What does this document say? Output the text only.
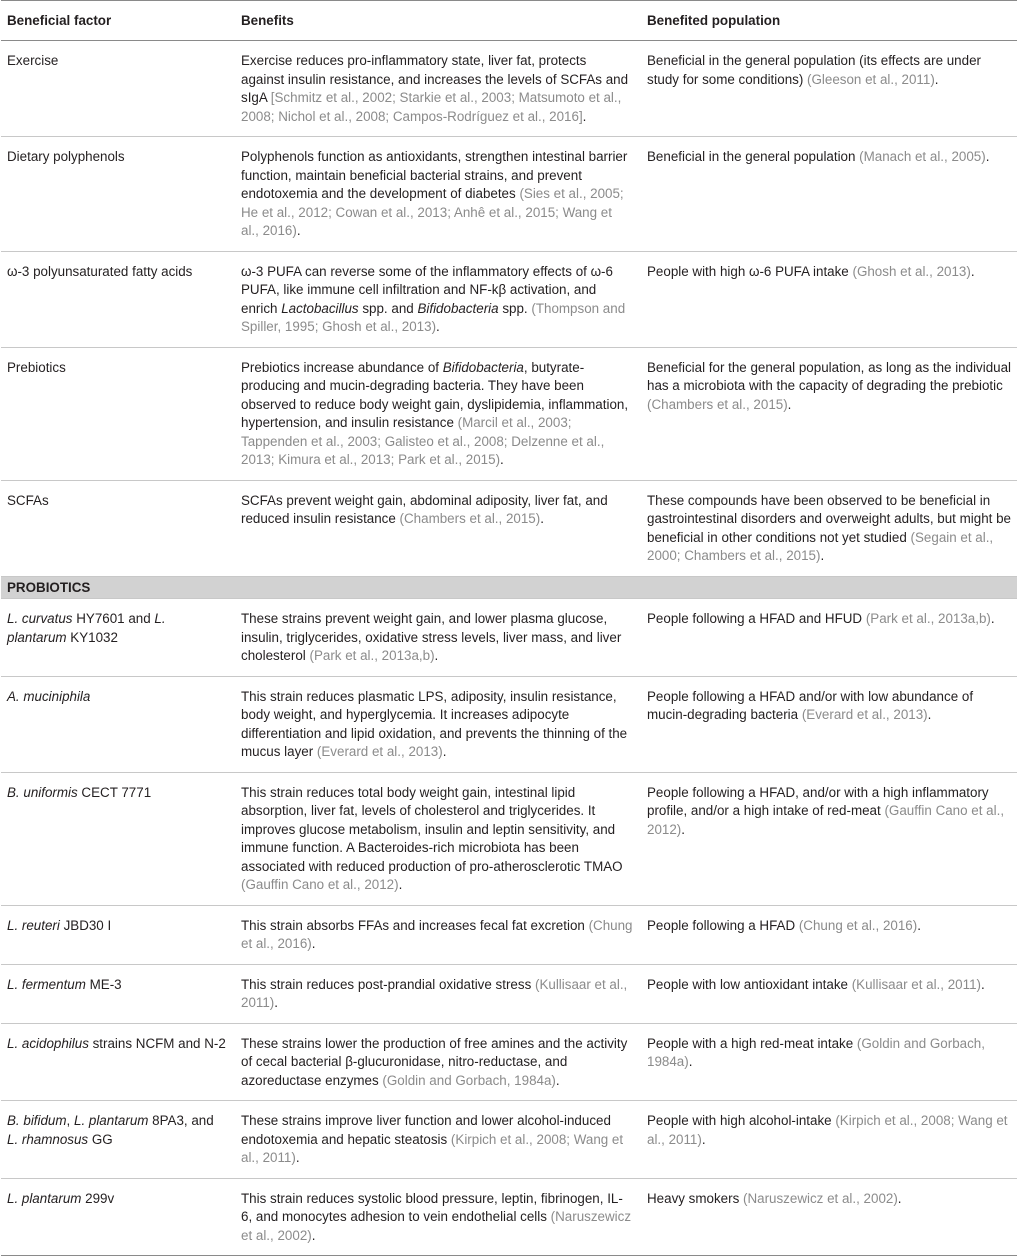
Beneficial factor	Benefits	Benefited population
Exercise	Exercise reduces pro-inflammatory state, liver fat, protects against insulin resistance, and increases the levels of SCFAs and sIgA [Schmitz et al., 2002; Starkie et al., 2003; Matsumoto et al., 2008; Nichol et al., 2008; Campos-Rodríguez et al., 2016].	Beneficial in the general population (its effects are under study for some conditions) (Gleeson et al., 2011).
Dietary polyphenols	Polyphenols function as antioxidants, strengthen intestinal barrier function, maintain beneficial bacterial strains, and prevent endotoxemia and the development of diabetes (Sies et al., 2005; He et al., 2012; Cowan et al., 2013; Anhê et al., 2015; Wang et al., 2016).	Beneficial in the general population (Manach et al., 2005).
ω-3 polyunsaturated fatty acids	ω-3 PUFA can reverse some of the inflammatory effects of ω-6 PUFA, like immune cell infiltration and NF-kβ activation, and enrich Lactobacillus spp. and Bifidobacteria spp. (Thompson and Spiller, 1995; Ghosh et al., 2013).	People with high ω-6 PUFA intake (Ghosh et al., 2013).
Prebiotics	Prebiotics increase abundance of Bifidobacteria, butyrate-producing and mucin-degrading bacteria. They have been observed to reduce body weight gain, dyslipidemia, inflammation, hypertension, and insulin resistance (Marcil et al., 2003; Tappenden et al., 2003; Galisteo et al., 2008; Delzenne et al., 2013; Kimura et al., 2013; Park et al., 2015).	Beneficial for the general population, as long as the individual has a microbiota with the capacity of degrading the prebiotic (Chambers et al., 2015).
SCFAs	SCFAs prevent weight gain, abdominal adiposity, liver fat, and reduced insulin resistance (Chambers et al., 2015).	These compounds have been observed to be beneficial in gastrointestinal disorders and overweight adults, but might be beneficial in other conditions not yet studied (Segain et al., 2000; Chambers et al., 2015).
PROBIOTICS		
L. curvatus HY7601 and L. plantarum KY1032	These strains prevent weight gain, and lower plasma glucose, insulin, triglycerides, oxidative stress levels, liver mass, and liver cholesterol (Park et al., 2013a,b).	People following a HFAD and HFUD (Park et al., 2013a,b).
A. muciniphila	This strain reduces plasmatic LPS, adiposity, insulin resistance, body weight, and hyperglycemia. It increases adipocyte differentiation and lipid oxidation, and prevents the thinning of the mucus layer (Everard et al., 2013).	People following a HFAD and/or with low abundance of mucin-degrading bacteria (Everard et al., 2013).
B. uniformis CECT 7771	This strain reduces total body weight gain, intestinal lipid absorption, liver fat, levels of cholesterol and triglycerides. It improves glucose metabolism, insulin and leptin sensitivity, and immune function. A Bacteroides-rich microbiota has been associated with reduced production of pro-atherosclerotic TMAO (Gauffin Cano et al., 2012).	People following a HFAD, and/or with a high inflammatory profile, and/or a high intake of red-meat (Gauffin Cano et al., 2012).
L. reuteri JBD30 I	This strain absorbs FFAs and increases fecal fat excretion (Chung et al., 2016).	People following a HFAD (Chung et al., 2016).
L. fermentum ME-3	This strain reduces post-prandial oxidative stress (Kullisaar et al., 2011).	People with low antioxidant intake (Kullisaar et al., 2011).
L. acidophilus strains NCFM and N-2	These strains lower the production of free amines and the activity of cecal bacterial β-glucuronidase, nitro-reductase, and azoreductase enzymes (Goldin and Gorbach, 1984a).	People with a high red-meat intake (Goldin and Gorbach, 1984a).
B. bifidum, L. plantarum 8PA3, and L. rhamnosus GG	These strains improve liver function and lower alcohol-induced endotoxemia and hepatic steatosis (Kirpich et al., 2008; Wang et al., 2011).	People with high alcohol-intake (Kirpich et al., 2008; Wang et al., 2011).
L. plantarum 299v	This strain reduces systolic blood pressure, leptin, fibrinogen, IL-6, and monocytes adhesion to vein endothelial cells (Naruszewicz et al., 2002).	Heavy smokers (Naruszewicz et al., 2002).
